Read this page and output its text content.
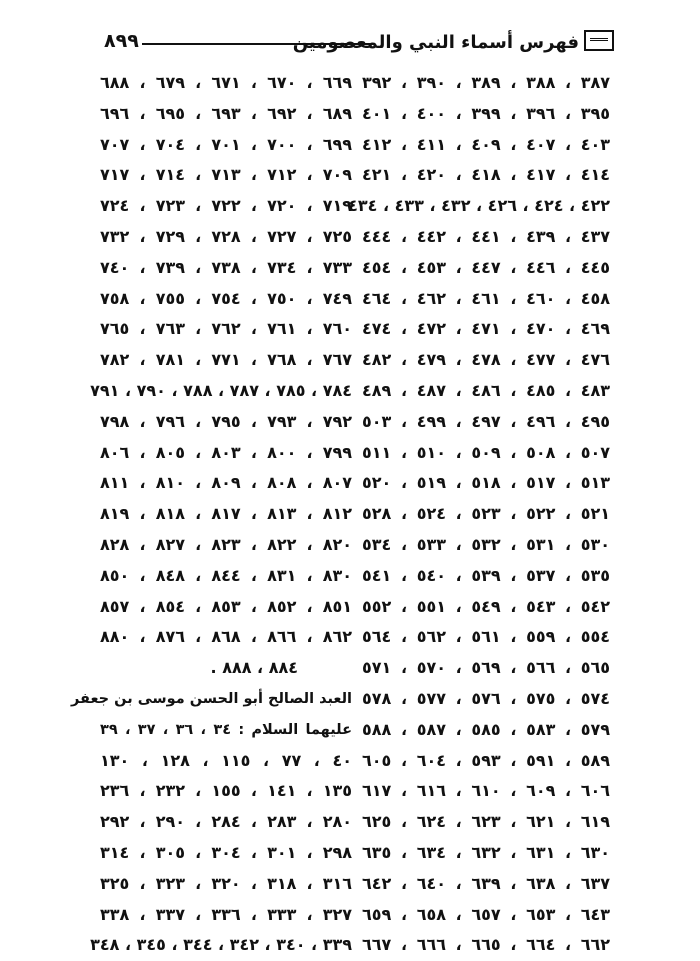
٨٩٩	فهرس أسماء النبي والمعصومين
٣٨٧ ، ٣٨٨ ، ٣٨٩ ، ٣٩٠ ، ٣٩٢
٣٩٥ ، ٣٩٦ ، ٣٩٩ ، ٤٠٠ ، ٤٠١
٤٠٣ ، ٤٠٧ ، ٤٠٩ ، ٤١١ ، ٤١٢
٤١٤ ، ٤١٧ ، ٤١٨ ، ٤٢٠ ، ٤٢١
٤٢٢ ، ٤٢٤ ، ٤٢٦ ، ٤٣٢ ، ٤٣٣ ، ٤٣٤
٤٣٧ ، ٤٣٩ ، ٤٤١ ، ٤٤٢ ، ٤٤٤
٤٤٥ ، ٤٤٦ ، ٤٤٧ ، ٤٥٣ ، ٤٥٤
٤٥٨ ، ٤٦٠ ، ٤٦١ ، ٤٦٢ ، ٤٦٤
٤٦٩ ، ٤٧٠ ، ٤٧١ ، ٤٧٢ ، ٤٧٤
٤٧٦ ، ٤٧٧ ، ٤٧٨ ، ٤٧٩ ، ٤٨٢
٤٨٣ ، ٤٨٥ ، ٤٨٦ ، ٤٨٧ ، ٤٨٩
٤٩٥ ، ٤٩٦ ، ٤٩٧ ، ٤٩٩ ، ٥٠٣
٥٠٧ ، ٥٠٨ ، ٥٠٩ ، ٥١٠ ، ٥١١
٥١٣ ، ٥١٧ ، ٥١٨ ، ٥١٩ ، ٥٢٠
٥٢١ ، ٥٢٢ ، ٥٢٣ ، ٥٢٤ ، ٥٢٨
٥٣٠ ، ٥٣١ ، ٥٣٢ ، ٥٣٣ ، ٥٣٤
٥٣٥ ، ٥٣٧ ، ٥٣٩ ، ٥٤٠ ، ٥٤١
٥٤٢ ، ٥٤٣ ، ٥٤٩ ، ٥٥١ ، ٥٥٢
٥٥٤ ، ٥٥٩ ، ٥٦١ ، ٥٦٢ ، ٥٦٤
٥٦٥ ، ٥٦٦ ، ٥٦٩ ، ٥٧٠ ، ٥٧١
٥٧٤ ، ٥٧٥ ، ٥٧٦ ، ٥٧٧ ، ٥٧٨
٥٧٩ ، ٥٨٣ ، ٥٨٥ ، ٥٨٧ ، ٥٨٨
٥٨٩ ، ٥٩١ ، ٥٩٣ ، ٦٠٤ ، ٦٠٥
٦٠٦ ، ٦٠٩ ، ٦١٠ ، ٦١٦ ، ٦١٧
٦١٩ ، ٦٢١ ، ٦٢٣ ، ٦٢٤ ، ٦٢٥
٦٣٠ ، ٦٣١ ، ٦٣٢ ، ٦٣٤ ، ٦٣٥
٦٣٧ ، ٦٣٨ ، ٦٣٩ ، ٦٤٠ ، ٦٤٢
٦٤٣ ، ٦٥٣ ، ٦٥٧ ، ٦٥٨ ، ٦٥٩
٦٦٢ ، ٦٦٤ ، ٦٦٥ ، ٦٦٦ ، ٦٦٧
٦٦٩ ، ٦٧٠ ، ٦٧١ ، ٦٧٩ ، ٦٨٨
٦٨٩ ، ٦٩٢ ، ٦٩٣ ، ٦٩٥ ، ٦٩٦
٦٩٩ ، ٧٠٠ ، ٧٠١ ، ٧٠٤ ، ٧٠٧
٧٠٩ ، ٧١٢ ، ٧١٣ ، ٧١٤ ، ٧١٧
٧١٩ ، ٧٢٠ ، ٧٢٢ ، ٧٢٣ ، ٧٢٤
٧٢٥ ، ٧٢٧ ، ٧٢٨ ، ٧٢٩ ، ٧٣٢
٧٣٣ ، ٧٣٤ ، ٧٣٨ ، ٧٣٩ ، ٧٤٠
٧٤٩ ، ٧٥٠ ، ٧٥٤ ، ٧٥٥ ، ٧٥٨
٧٦٠ ، ٧٦١ ، ٧٦٢ ، ٧٦٣ ، ٧٦٥
٧٦٧ ، ٧٦٨ ، ٧٧١ ، ٧٨١ ، ٧٨٢
٧٨٤ ، ٧٨٥ ، ٧٨٧ ، ٧٨٨ ، ٧٩٠ ، ٧٩١
٧٩٢ ، ٧٩٣ ، ٧٩٥ ، ٧٩٦ ، ٧٩٨
٧٩٩ ، ٨٠٠ ، ٨٠٣ ، ٨٠٥ ، ٨٠٦
٨٠٧ ، ٨٠٨ ، ٨٠٩ ، ٨١٠ ، ٨١١
٨١٢ ، ٨١٣ ، ٨١٧ ، ٨١٨ ، ٨١٩
٨٢٠ ، ٨٢٢ ، ٨٢٣ ، ٨٢٧ ، ٨٢٨
٨٣٠ ، ٨٣١ ، ٨٤٤ ، ٨٤٨ ، ٨٥٠
٨٥١ ، ٨٥٢ ، ٨٥٣ ، ٨٥٤ ، ٨٥٧
٨٦٢ ، ٨٦٦ ، ٨٦٨ ، ٨٧٦ ، ٨٨٠
٨٨٤ ، ٨٨٨ .
العبد الصالح أبو الحسن موسى بن جعفر
عليهما السلام : ٣٤ ، ٣٦ ، ٣٧ ، ٣٩
٤٠ ، ٧٧ ، ١١٥ ، ١٢٨ ، ١٣٠
١٣٥ ، ١٤١ ، ١٥٥ ، ٢٣٢ ، ٢٣٦
٢٨٠ ، ٢٨٣ ، ٢٨٤ ، ٢٩٠ ، ٢٩٢
٢٩٨ ، ٣٠١ ، ٣٠٤ ، ٣٠٥ ، ٣١٤
٣١٦ ، ٣١٨ ، ٣٢٠ ، ٣٢٣ ، ٣٢٥
٣٢٧ ، ٣٣٣ ، ٣٣٦ ، ٣٣٧ ، ٣٣٨
٣٣٩ ، ٣٤٠ ، ٣٤٢ ، ٣٤٤ ، ٣٤٥ ، ٣٤٨
